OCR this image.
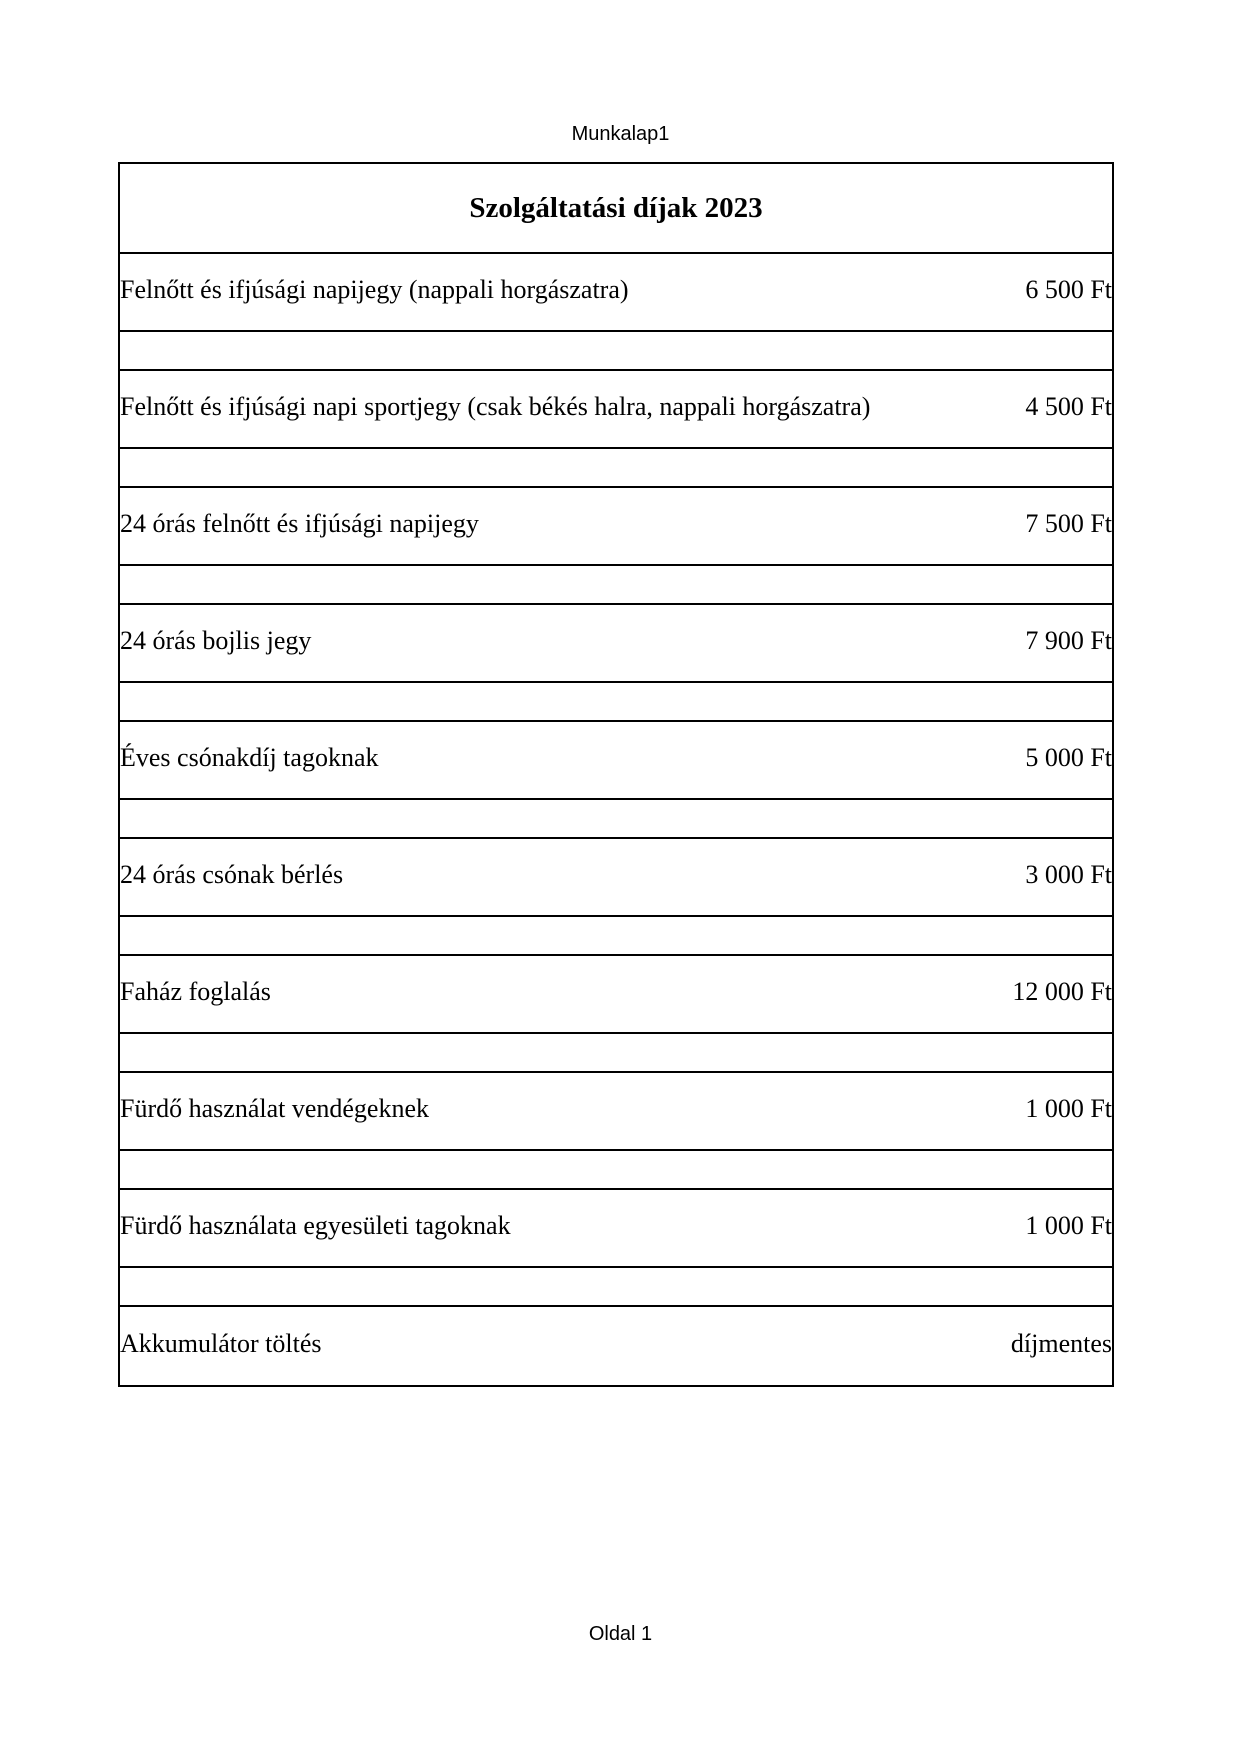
Munkalap1
Szolgáltatási díjak 2023
Felnőtt és ifjúsági napijegy (nappali horgászatra)	6 500 Ft
Felnőtt és ifjúsági napi sportjegy (csak békés halra, nappali horgászatra)	4 500 Ft
24 órás felnőtt és ifjúsági napijegy	7 500 Ft
24 órás bojlis jegy	7 900 Ft
Éves csónakdíj tagoknak	5 000 Ft
24 órás csónak bérlés	3 000 Ft
Faház foglalás	12 000 Ft
Fürdő használat vendégeknek	1 000 Ft
Fürdő használata egyesületi tagoknak	1 000 Ft
Akkumulátor töltés	díjmentes
Oldal 1
